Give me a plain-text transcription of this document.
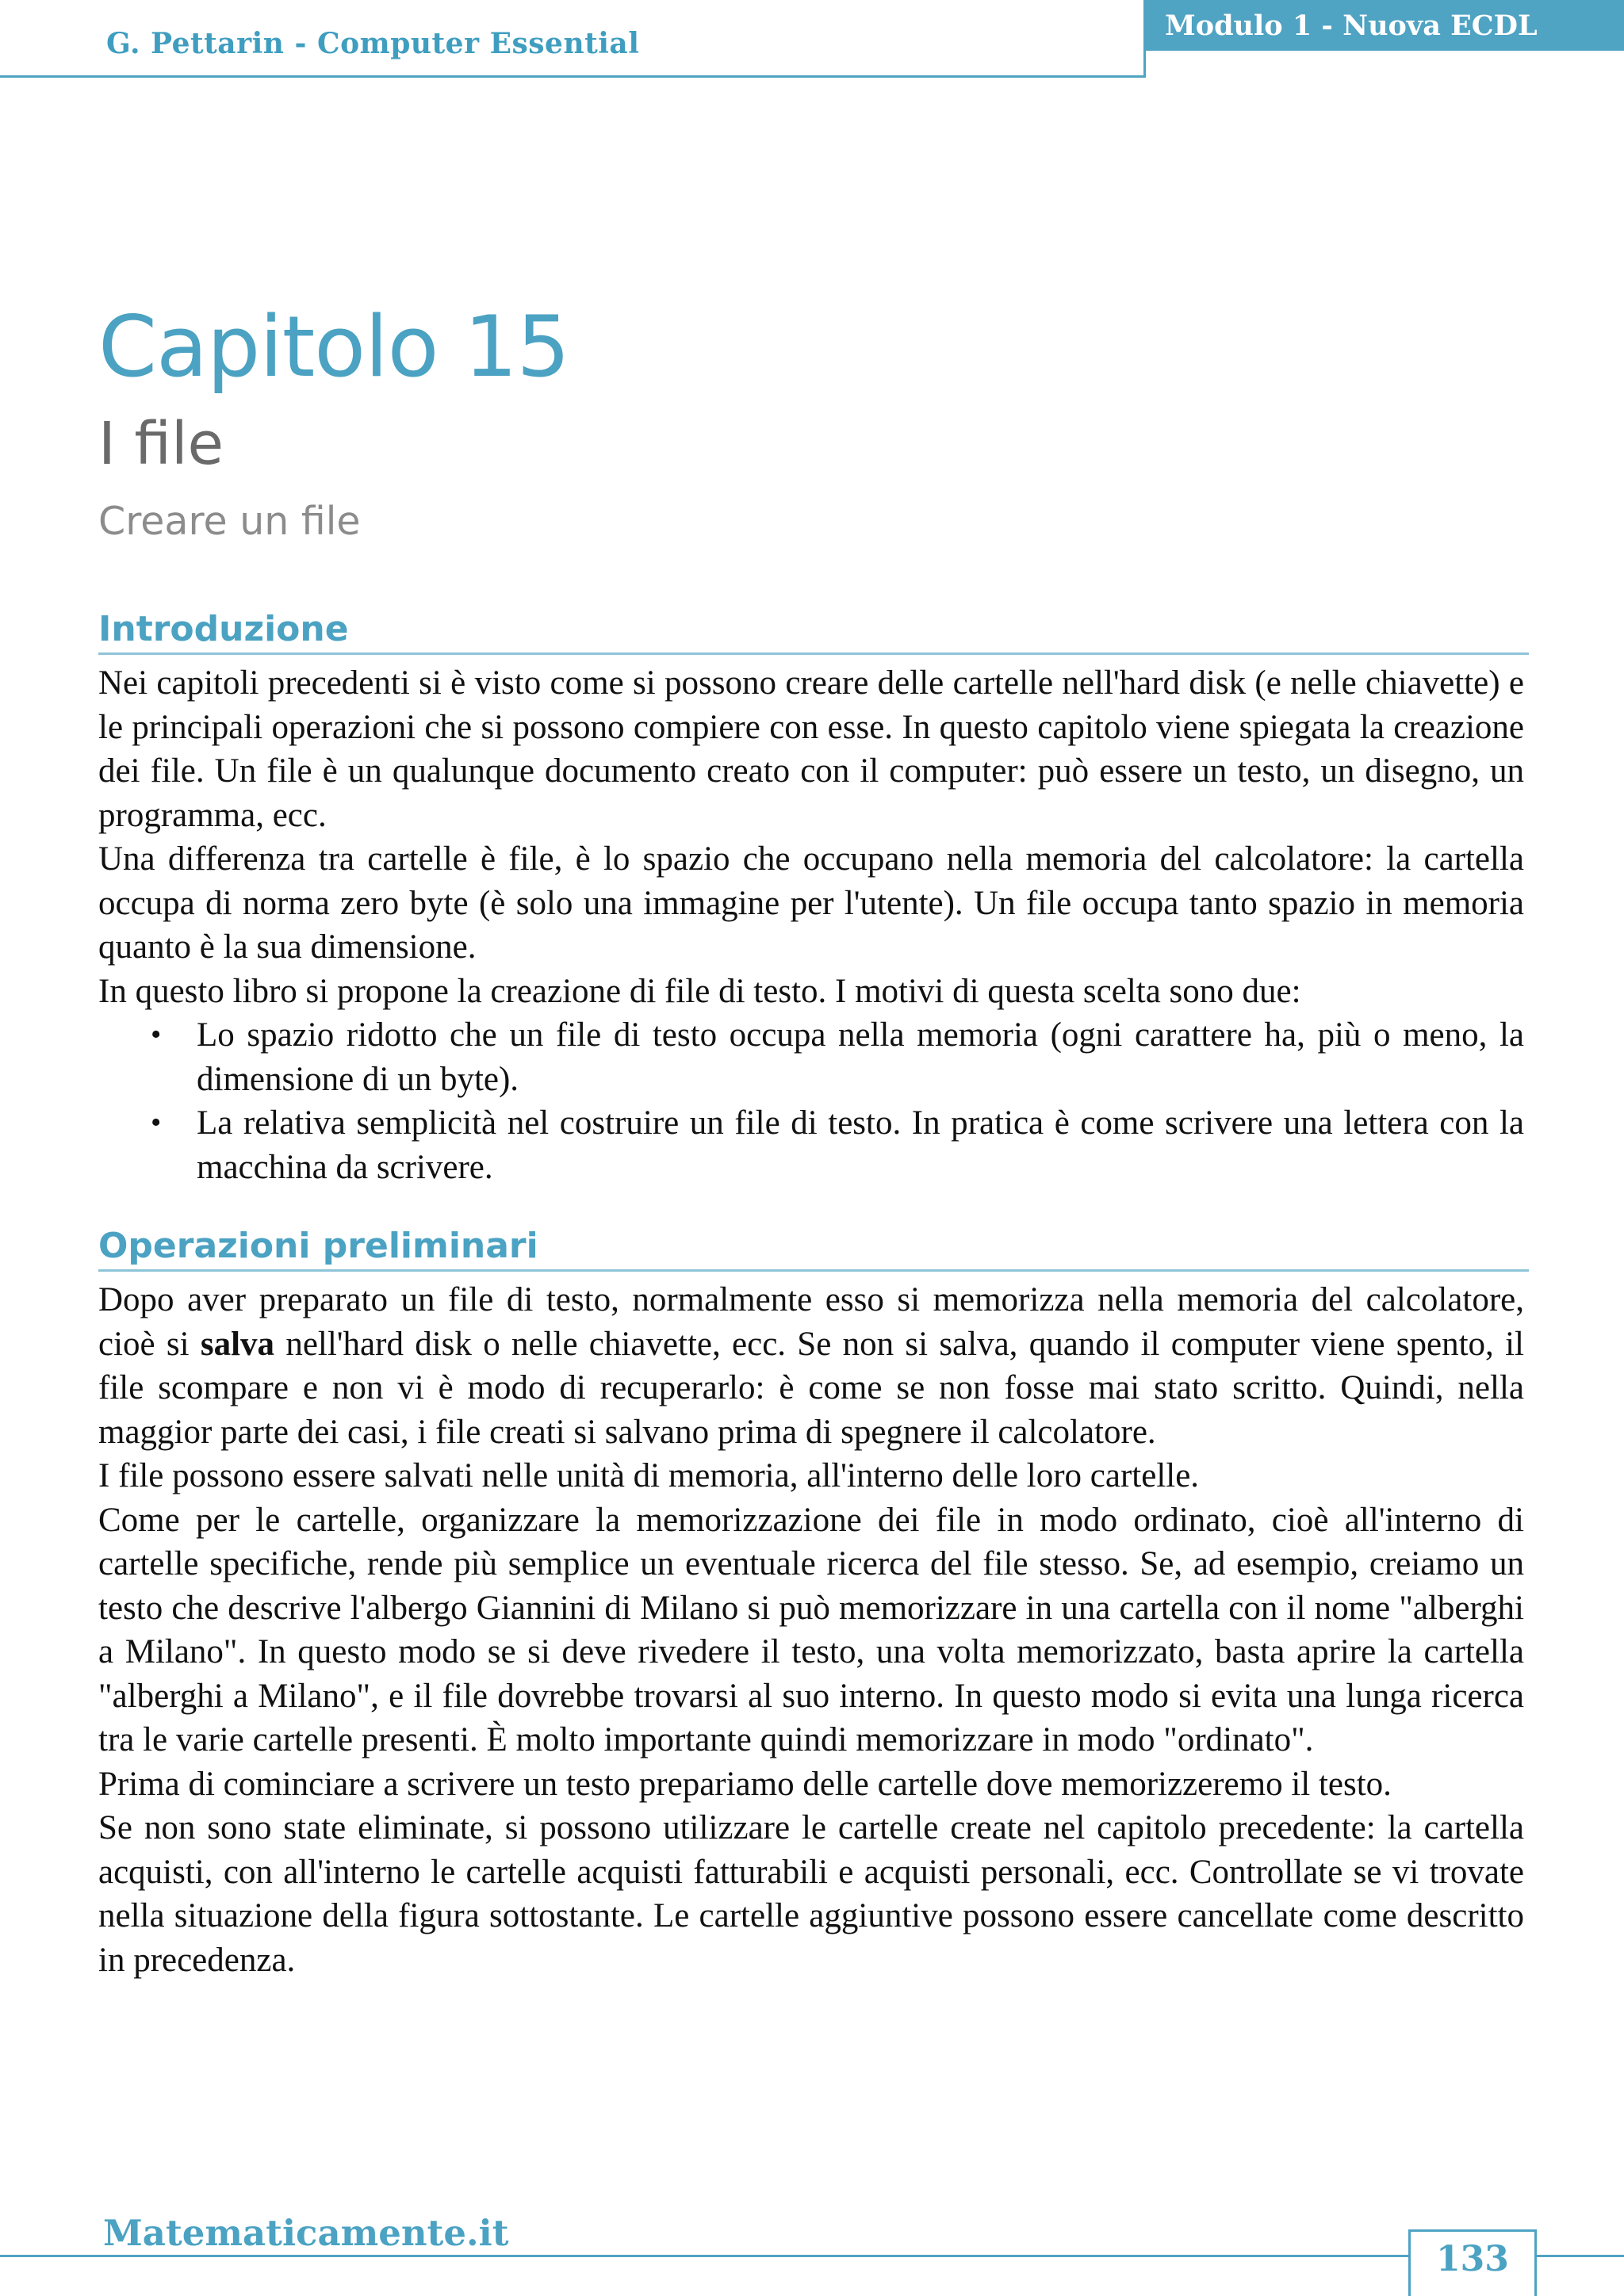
G. Pettarin - Computer Essential
Modulo 1 - Nuova ECDL
Capitolo 15
I file
Creare un file
Introduzione

Nei capitoli precedenti si è visto come si possono creare delle cartelle nell'hard disk (e nelle chiavette) e le principali operazioni che si possono compiere con esse. In questo capitolo viene spiegata la creazione dei file. Un file è un qualunque documento creato con il computer: può essere un testo, un disegno, un programma, ecc.

Una differenza tra cartelle è file, è lo spazio che occupano nella memoria del calcolatore: la cartella occupa di norma zero byte (è solo una immagine per l'utente). Un file occupa tanto spazio in memoria quanto è la sua dimensione.

In questo libro si propone la creazione di file di testo. I motivi di questa scelta sono due:

• Lo spazio ridotto che un file di testo occupa nella memoria (ogni carattere ha, più o meno, la dimensione di un byte).
• La relativa semplicità nel costruire un file di testo. In pratica è come scrivere una lettera con la macchina da scrivere.
Operazioni preliminari

Dopo aver preparato un file di testo, normalmente esso si memorizza nella memoria del calcolatore, cioè si salva nell'hard disk o nelle chiavette, ecc. Se non si salva, quando il computer viene spento, il file scompare e non vi è modo di recuperarlo: è come se non fosse mai stato scritto. Quindi, nella maggior parte dei casi, i file creati si salvano prima di spegnere il calcolatore.

I file possono essere salvati nelle unità di memoria, all'interno delle loro cartelle.

Come per le cartelle, organizzare la memorizzazione dei file in modo ordinato, cioè all'interno di cartelle specifiche, rende più semplice un eventuale ricerca del file stesso. Se, ad esempio, creiamo un testo che descrive l'albergo Giannini di Milano si può memorizzare in una cartella con il nome "alberghi a Milano". In questo modo se si deve rivedere il testo, una volta memorizzato, basta aprire la cartella "alberghi a Milano", e il file dovrebbe trovarsi al suo interno. In questo modo si evita una lunga ricerca tra le varie cartelle presenti. È molto importante quindi memorizzare in modo "ordinato".

Prima di cominciare a scrivere un testo prepariamo delle cartelle dove memorizzeremo il testo.

Se non sono state eliminate, si possono utilizzare le cartelle create nel capitolo precedente: la cartella acquisti, con all'interno le cartelle acquisti fatturabili e acquisti personali, ecc. Controllate se vi trovate nella situazione della figura sottostante. Le cartelle aggiuntive possono essere cancellate come descritto in precedenza.

Matematicamente.it
133
